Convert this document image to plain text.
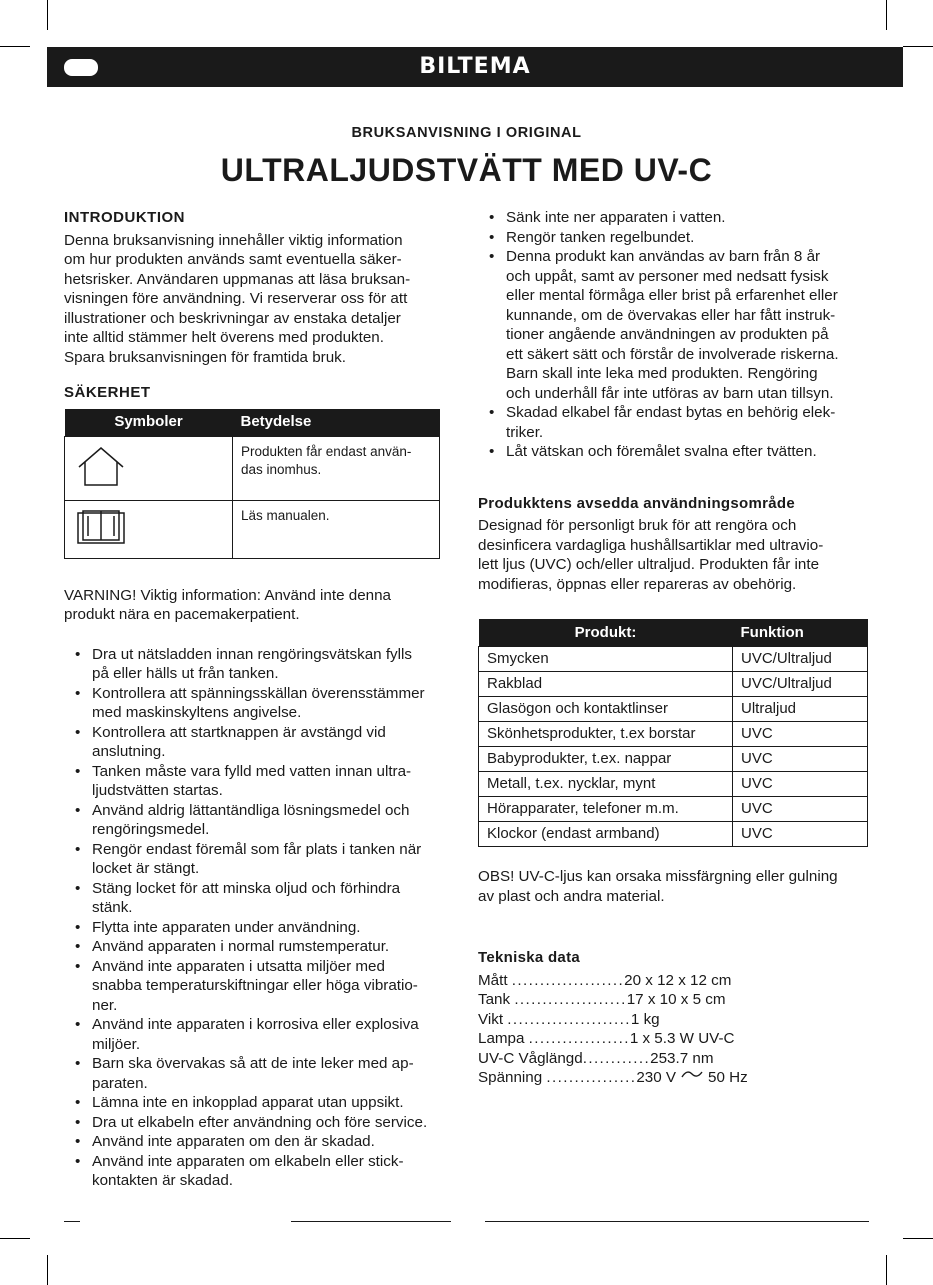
BILTEMA
BRUKSANVISNING I ORIGINAL
ULTRALJUDSTVÄTT MED UV-C
INTRODUKTION
Denna bruksanvisning innehåller viktig information
om hur produkten används samt eventuella säker-
hetsrisker. Användaren uppmanas att läsa bruksan-
visningen före användning. Vi reserverar oss för att
illustrationer och beskrivningar av enstaka detaljer
inte alltid stämmer helt överens med produkten.
Spara bruksanvisningen för framtida bruk.
SÄKERHET
Symboler	Betydelse

Produkten får endast använ-
das inomhus.

Läs manualen.
VARNING! Viktig information: Använd inte denna
produkt nära en pacemakerpatient.
• Dra ut nätsladden innan rengöringsvätskan fylls
på eller hälls ut från tanken.
• Kontrollera att spänningsskällan överensstämmer
med maskinskyltens angivelse.
• Kontrollera att startknappen är avstängd vid
anslutning.
• Tanken måste vara fylld med vatten innan ultra-
ljudstvätten startas.
• Använd aldrig lättantändliga lösningsmedel och
rengöringsmedel.
• Rengör endast föremål som får plats i tanken när
locket är stängt.
• Stäng locket för att minska oljud och förhindra
stänk.
• Flytta inte apparaten under användning.
• Använd apparaten i normal rumstemperatur.
• Använd inte apparaten i utsatta miljöer med
snabba temperaturskiftningar eller höga vibratio-
ner.
• Använd inte apparaten i korrosiva eller explosiva
miljöer.
• Barn ska övervakas så att de inte leker med ap-
paraten.
• Lämna inte en inkopplad apparat utan uppsikt.
• Dra ut elkabeln efter användning och före service.
• Använd inte apparaten om den är skadad.
• Använd inte apparaten om elkabeln eller stick-
kontakten är skadad.
• Sänk inte ner apparaten i vatten.
• Rengör tanken regelbundet.
• Denna produkt kan användas av barn från 8 år
och uppåt, samt av personer med nedsatt fysisk
eller mental förmåga eller brist på erfarenhet eller
kunnande, om de övervakas eller har fått instruk-
tioner angående användningen av produkten på
ett säkert sätt och förstår de involverade riskerna.
Barn skall inte leka med produkten. Rengöring
och underhåll får inte utföras av barn utan tillsyn.
• Skadad elkabel får endast bytas en behörig elek-
triker.
• Låt vätskan och föremålet svalna efter tvätten.
Produkktens avsedda användningsområde
Designad för personligt bruk för att rengöra och
desinficera vardagliga hushållsartiklar med ultravio-
lett ljus (UVC) och/eller ultraljud. Produkten får inte
modifieras, öppnas eller repareras av obehörig.
Produkt:	Funktion
Smycken	UVC/Ultraljud
Rakblad	UVC/Ultraljud
Glasögon och kontaktlinser	Ultraljud
Skönhetsprodukter, t.ex borstar	UVC
Babyprodukter, t.ex. nappar	UVC
Metall, t.ex. nycklar, mynt	UVC
Hörapparater, telefoner m.m.	UVC
Klockor (endast armband)	UVC
OBS! UV-C-ljus kan orsaka missfärgning eller gulning
av plast och andra material.
Tekniska data
Mått .................... 20 x 12 x 12 cm
Tank .................... 17 x 10 x 5 cm
Vikt ...................... 1 kg
Lampa .................. 1 x 5.3 W UV-C
UV-C Våglängd ............ 253.7 nm
Spänning ................ 230 V 50 Hz
